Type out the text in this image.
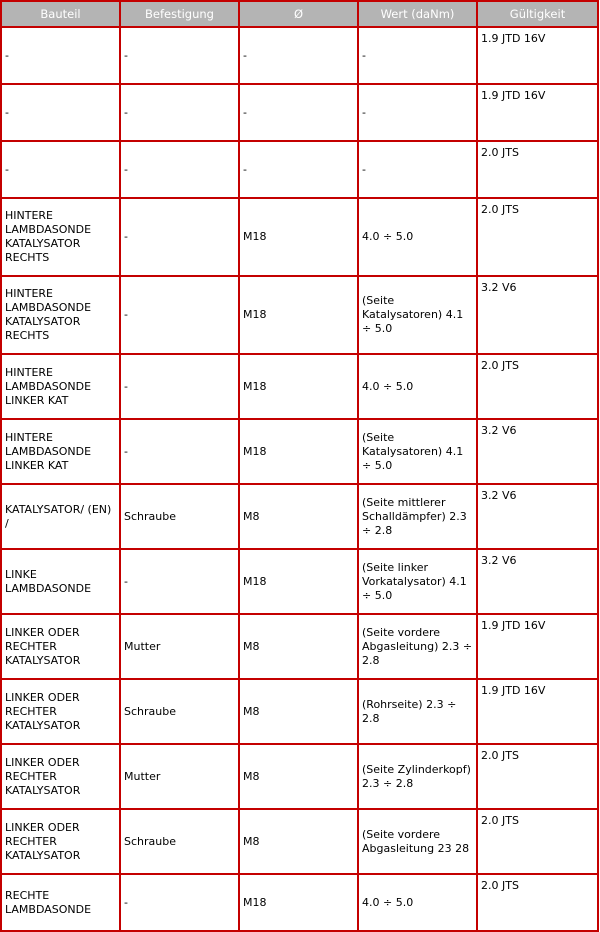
Bauteil	Befestigung	Ø	Wert (daNm)	Gültigkeit
-	-	-	-	1.9 JTD 16V
-	-	-	-	1.9 JTD 16V
-	-	-	-	2.0 JTS
HINTERE LAMBDASONDE KATALYSATOR RECHTS	-	M18	4.0 ÷ 5.0	2.0 JTS
HINTERE LAMBDASONDE KATALYSATOR RECHTS	-	M18	(Seite Katalysatoren) 4.1 ÷ 5.0	3.2 V6
HINTERE LAMBDASONDE LINKER KAT	-	M18	4.0 ÷ 5.0	2.0 JTS
HINTERE LAMBDASONDE LINKER KAT	-	M18	(Seite Katalysatoren) 4.1 ÷ 5.0	3.2 V6
KATALYSATOR/ (EN) /	Schraube	M8	(Seite mittlerer Schalldämpfer) 2.3 ÷ 2.8	3.2 V6
LINKE LAMBDASONDE	-	M18	(Seite linker Vorkatalysator) 4.1 ÷ 5.0	3.2 V6
LINKER ODER RECHTER KATALYSATOR	Mutter	M8	(Seite vordere Abgasleitung) 2.3 ÷ 2.8	1.9 JTD 16V
LINKER ODER RECHTER KATALYSATOR	Schraube	M8	(Rohrseite) 2.3 ÷ 2.8	1.9 JTD 16V
LINKER ODER RECHTER KATALYSATOR	Mutter	M8	(Seite Zylinderkopf) 2.3 ÷ 2.8	2.0 JTS
LINKER ODER RECHTER KATALYSATOR	Schraube	M8	(Seite vordere Abgasleitung 23 28	2.0 JTS
RECHTE LAMBDASONDE	-	M18	4.0 ÷ 5.0	2.0 JTS
